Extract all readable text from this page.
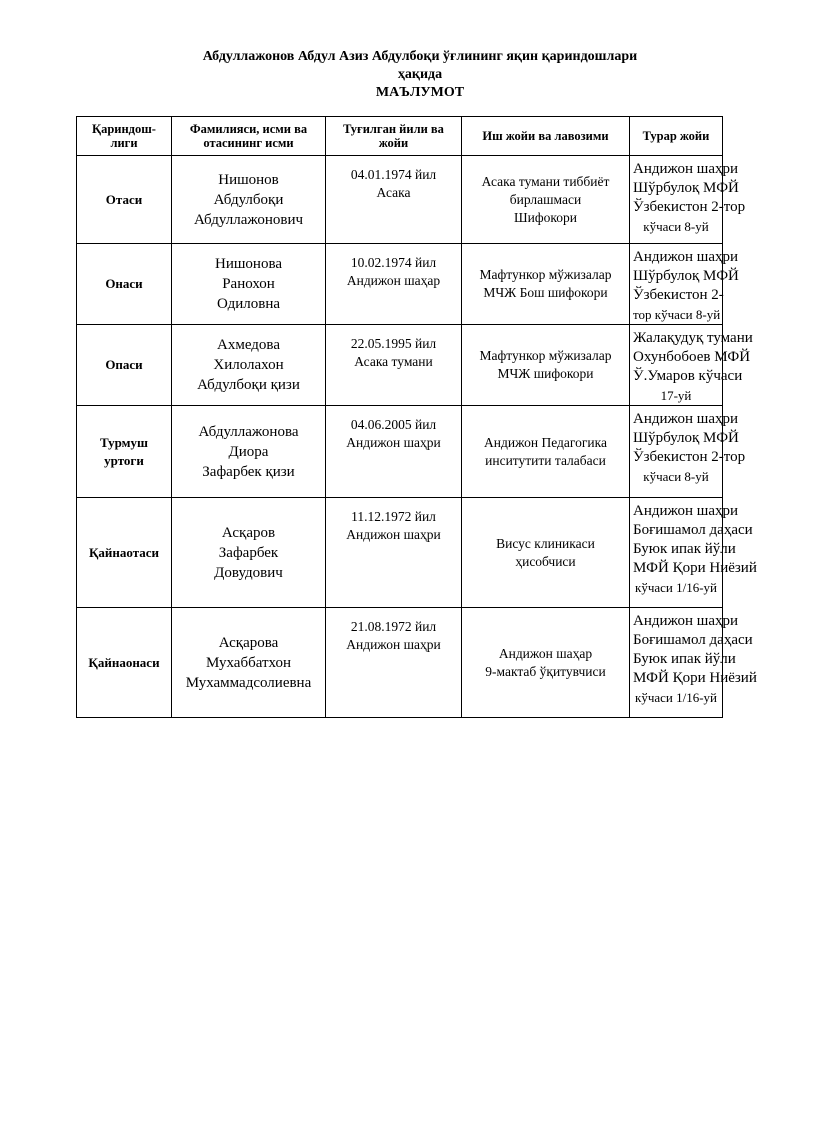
Абдуллажонов Абдул Азиз Абдулбоқи ўғлининг яқин қариндошлари
ҳақида
МАЪЛУМОТ
Қариндош-лиги	Фамилияси, исми ва отасининг исми	Туғилган йили ва жойи	Иш жойи ва лавозими	Турар жойи
Отаси	Нишонов
Абдулбоқи
Абдуллажонович	04.01.1974 йил
Асака	Асака тумани тиббиёт
бирлашмаси
Шифокори	Андижон шаҳри
Шўрбулоқ МФЙ
Ўзбекистон 2-тор
кўчаси 8-уй

Онаси	Нишонова
Ранохон
Одиловна	10.02.1974 йил
Андижон шаҳар	Мафтункор мўжизалар
МЧЖ Бош шифокори	Андижон шаҳри
Шўрбулоқ МФЙ
Ўзбекистон 2-
тор кўчаси 8-уй

Опаси	Ахмедова
Хилолахон
Абдулбоқи қизи	22.05.1995 йил
Асака тумани	Мафтункор мўжизалар
МЧЖ шифокори	Жалақудуқ тумани
Охунбобоев МФЙ
Ў.Умаров кўчаси
17-уй

Турмуш уртоги	Абдуллажонова
Диора
Зафарбек қизи	04.06.2005 йил
Андижон шаҳри	Андижон Педагогика
инситутити талабаси	Андижон шаҳри
Шўрбулоқ МФЙ
Ўзбекистон 2-тор
кўчаси 8-уй

Қайнаотаси	Асқаров
Зафарбек
Довудович	11.12.1972 йил
Андижон шаҳри	Висус клиникаси
ҳисобчиси	Андижон шаҳри
Боғишамол даҳаси
Буюк ипак йўли
МФЙ Қори Ниёзий
кўчаси 1/16-уй

Қайнаонаси	Асқарова
Мухаббатхон
Мухаммадсолиевна	21.08.1972 йил
Андижон шаҳри	Андижон шаҳар
9-мактаб ўқитувчиси	Андижон шаҳри
Боғишамол даҳаси
Буюк ипак йўли
МФЙ Қори Ниёзий
кўчаси 1/16-уй
